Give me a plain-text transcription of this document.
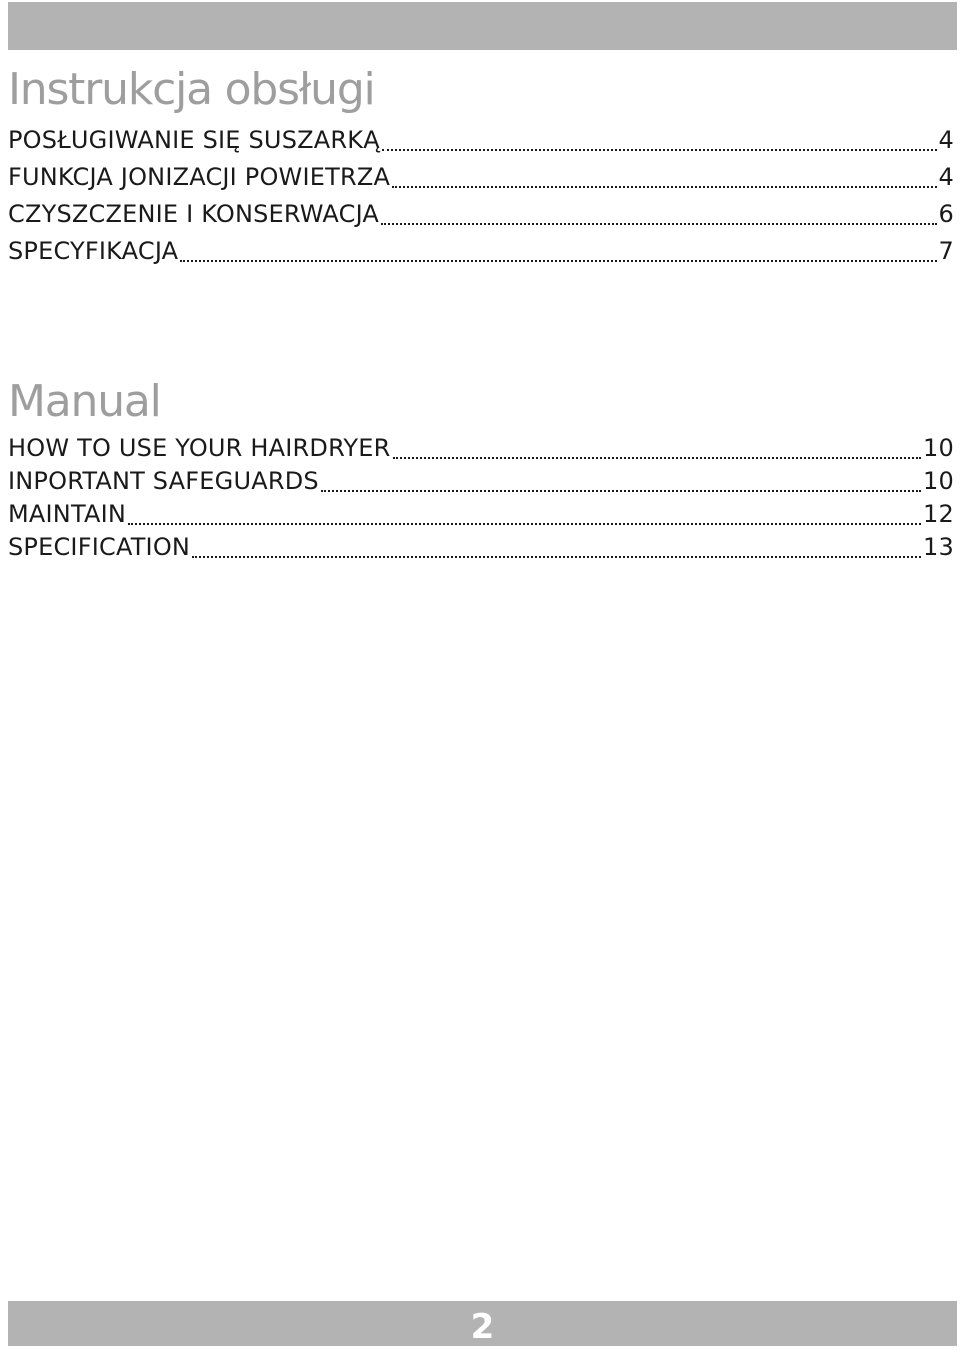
Instrukcja obsługi
POSŁUGIWANIE SIĘ SUSZARKĄ	4
FUNKCJA JONIZACJI POWIETRZA	4
CZYSZCZENIE I KONSERWACJA	6
SPECYFIKACJA	7
Manual
HOW TO USE YOUR HAIRDRYER	10
INPORTANT SAFEGUARDS	10
MAINTAIN	12
SPECIFICATION	13
2
